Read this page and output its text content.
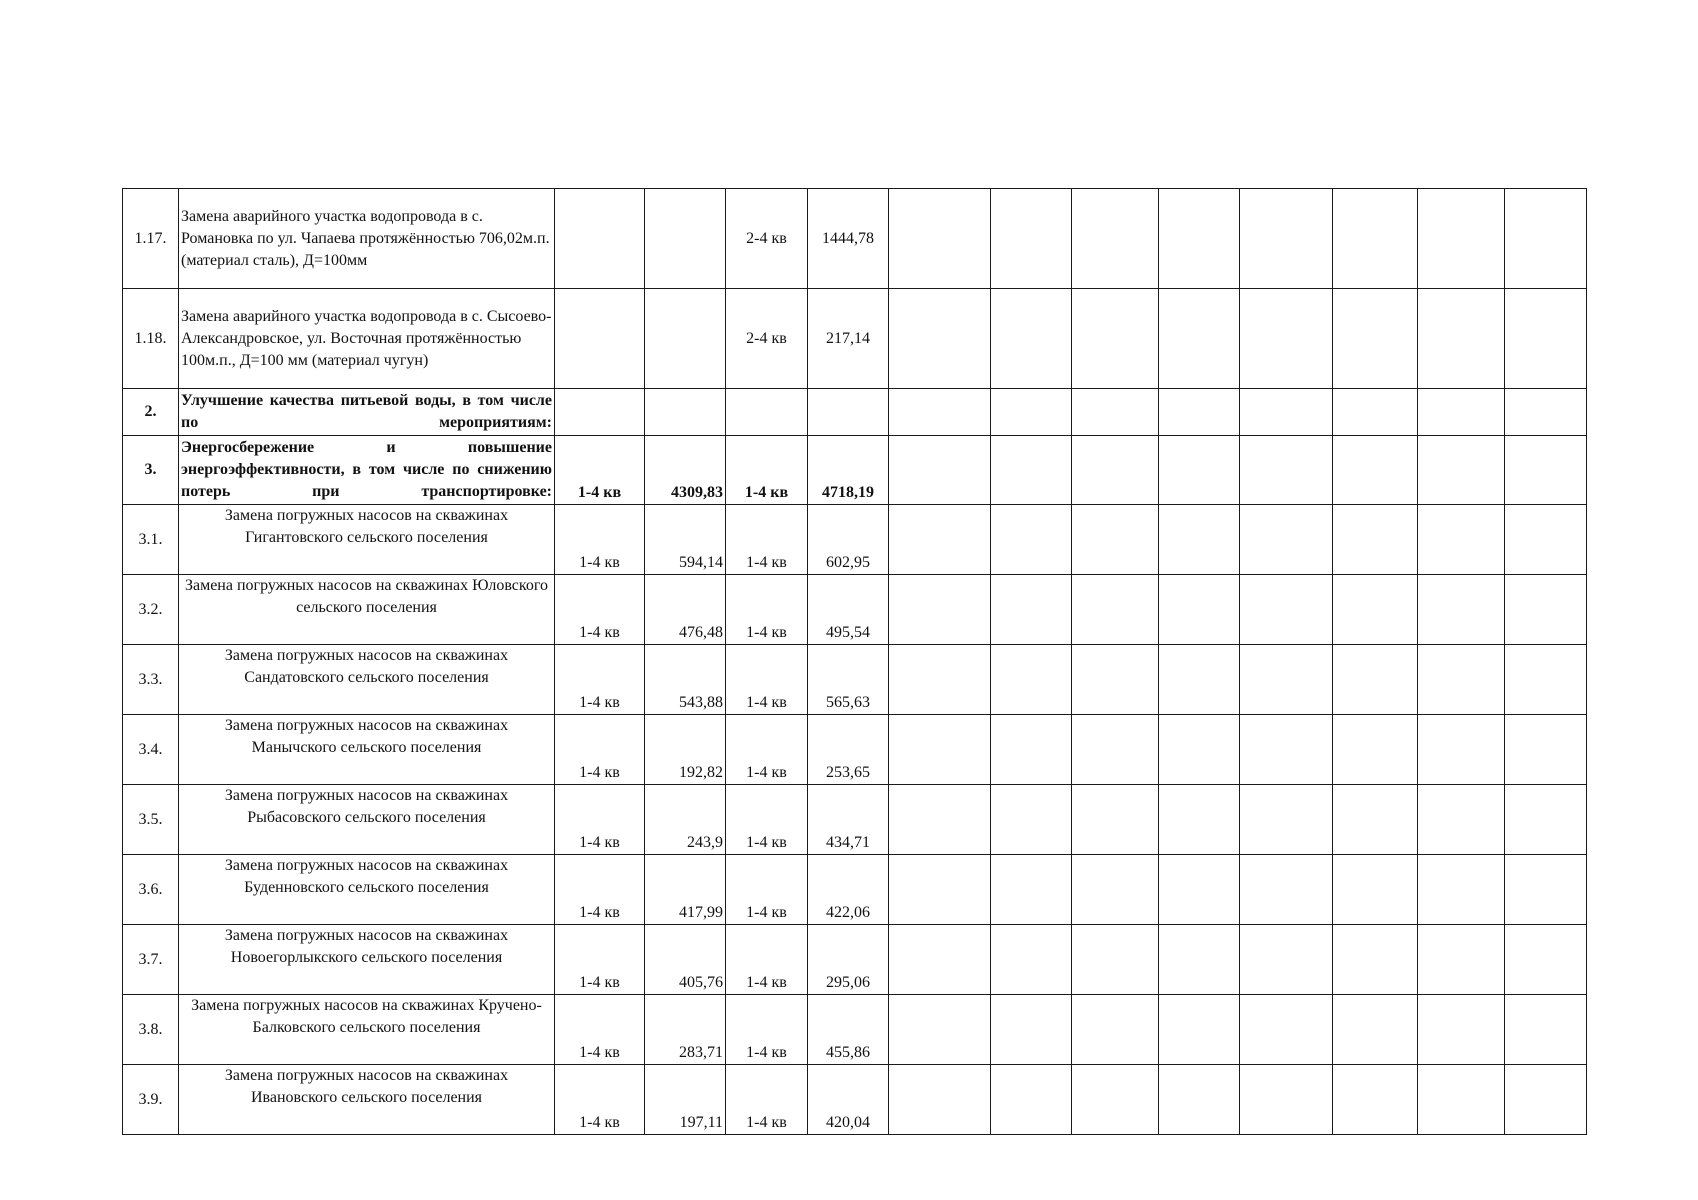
1.17.	Замена аварийного участка водопровода в с. Романовка по ул. Чапаева протяжённостью 706,02м.п. (материал сталь), Д=100мм			2-4 кв	1444,78								
1.18.	Замена аварийного участка водопровода в с. Сысоево-Александровское, ул. Восточная протяжённостью 100м.п., Д=100 мм (материал чугун)			2-4 кв	217,14								
2.	Улучшение качества питьевой воды, в том числе по мероприятиям:												
3.	Энергосбережение и повышение энергоэффективности, в том числе по снижению потерь при транспортировке:	1-4 кв	4309,83	1-4 кв	4718,19								
3.1.	Замена погружных насосов на скважинах Гигантовского сельского поселения	1-4 кв	594,14	1-4 кв	602,95								
3.2.	Замена погружных насосов на скважинах Юловского сельского поселения	1-4 кв	476,48	1-4 кв	495,54								
3.3.	Замена погружных насосов на скважинах Сандатовского сельского поселения	1-4 кв	543,88	1-4 кв	565,63								
3.4.	Замена погружных насосов на скважинах Манычского сельского поселения	1-4 кв	192,82	1-4 кв	253,65								
3.5.	Замена погружных насосов на скважинах Рыбасовского сельского поселения	1-4 кв	243,9	1-4 кв	434,71								
3.6.	Замена погружных насосов на скважинах Буденновского сельского поселения	1-4 кв	417,99	1-4 кв	422,06								
3.7.	Замена погружных насосов на скважинах Новоегорлыкского сельского поселения	1-4 кв	405,76	1-4 кв	295,06								
3.8.	Замена погружных насосов на скважинах Кручено-Балковского сельского поселения	1-4 кв	283,71	1-4 кв	455,86								
3.9.	Замена погружных насосов на скважинах Ивановского сельского поселения	1-4 кв	197,11	1-4 кв	420,04								
